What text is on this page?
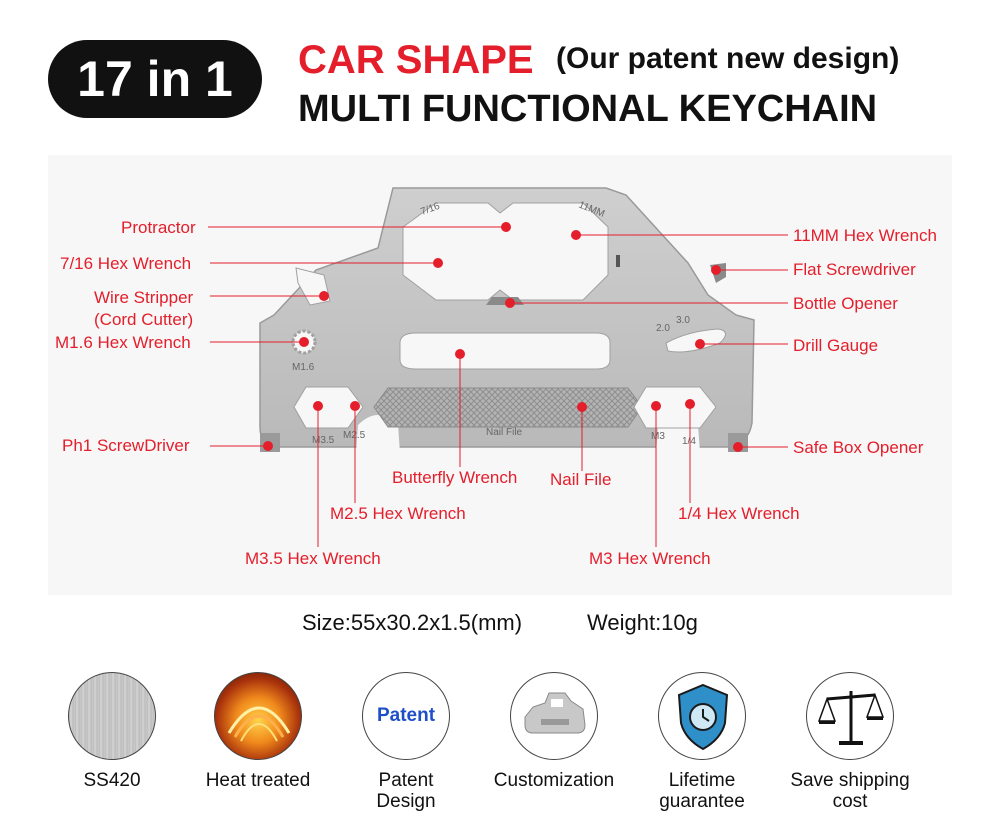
17 in 1	CAR SHAPE (Our patent new design)
MULTI FUNCTIONAL KEYCHAIN
7/16	11MM
2.0
3.0
M1.6
M3.5 M2.5	Nail File	M3 1/4
Protractor
7/16 Hex Wrench
Wire Stripper
(Cord Cutter)
M1.6 Hex Wrench
Ph1 ScrewDriver
11MM Hex Wrench
Flat Screwdriver
Bottle Opener
Drill Gauge
Safe Box Opener
Butterfly Wrench Nail File
M2.5 Hex Wrench
M3.5 Hex Wrench
1/4 Hex Wrench
M3 Hex Wrench
Size:55x30.2x1.5(mm)	Weight:10g
SS420	Heat treated
Patent
Patent
Design
Customization	Lifetime
guarantee
Save shipping
cost
